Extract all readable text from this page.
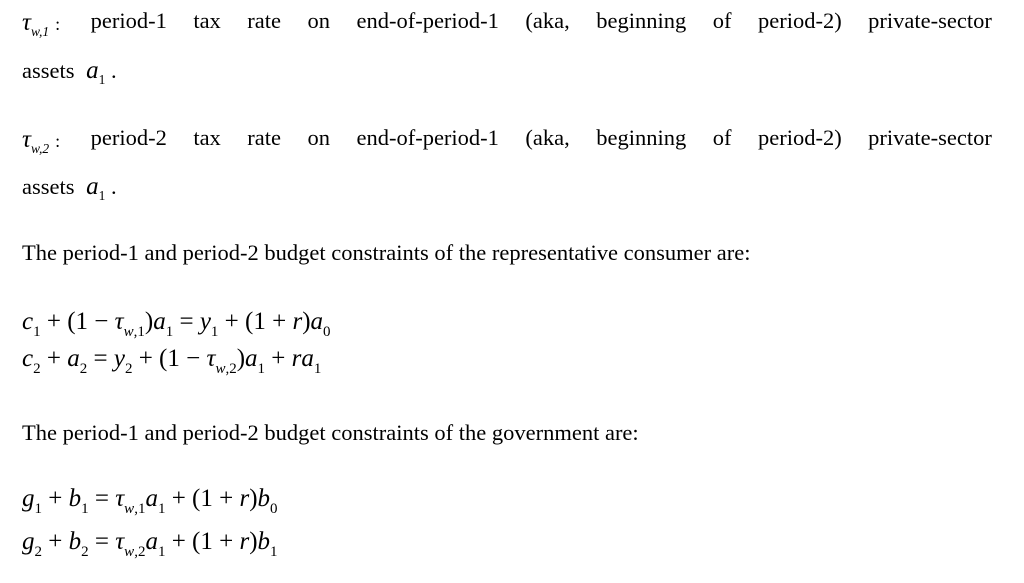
$\tau_{w,1}$ : period-1 tax rate on end-of-period-1 (aka, beginning of period-2) private-sector
assets $a_1$ .
$\tau_{w,2}$ : period-2 tax rate on end-of-period-1 (aka, beginning of period-2) private-sector
assets $a_1$ .
The period-1 and period-2 budget constraints of the representative consumer are:
$c_1 + (1 - \tau_{w,1})a_1 = y_1 + (1 + r)a_0$
$c_2 + a_2 = y_2 + (1 - \tau_{w,2})a_1 + ra_1$
The period-1 and period-2 budget constraints of the government are:
$g_1 + b_1 = \tau_{w,1}a_1 + (1 + r)b_0$
$g_2 + b_2 = \tau_{w,2}a_1 + (1 + r)b_1$
